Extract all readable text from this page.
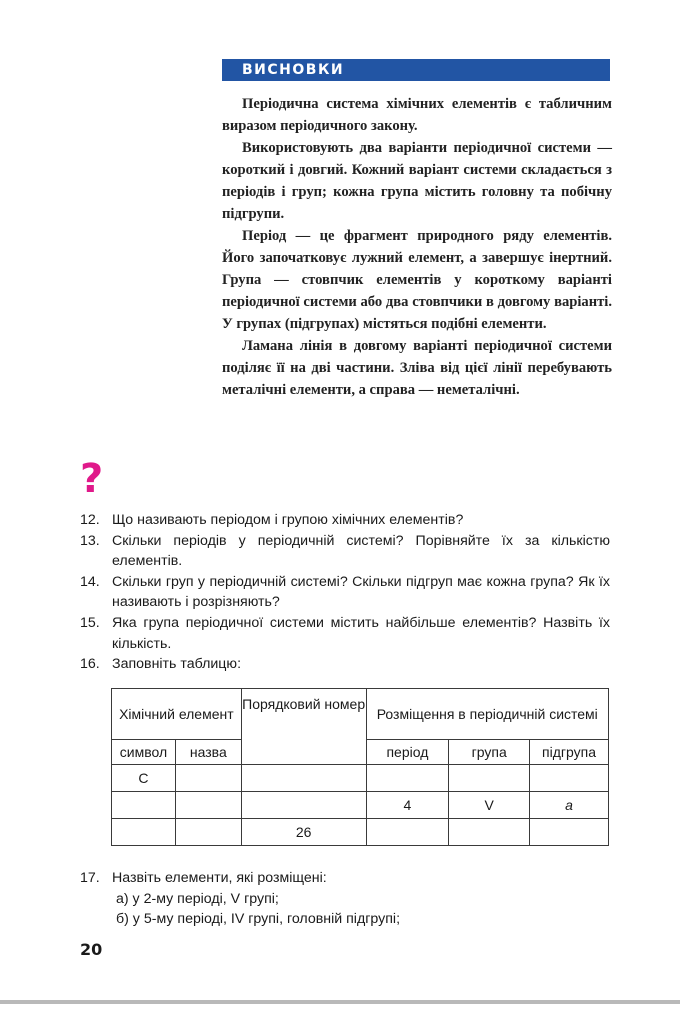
ВИСНОВКИ

Періодична система хімічних елементів є табличним виразом періодичного закону.

Використовують два варіанти періодичної системи — короткий і довгий. Кожний варіант системи складається з періодів і груп; кожна група містить головну та побічну підгрупи.

Період — це фрагмент природного ряду елементів. Його започатковує лужний елемент, а завершує інертний. Група — стовпчик елементів у короткому варіанті періодичної системи або два стовпчики в довгому варіанті. У групах (підгрупах) містяться подібні елементи.

Ламана лінія в довгому варіанті періодичної системи поділяє її на дві частини. Зліва від цієї лінії перебувають металічні елементи, а справа — неметалічні.

?
12. Що називають періодом і групою хімічних елементів?
13. Скільки періодів у періодичній системі? Порівняйте їх за кількістю елементів.
14. Скільки груп у періодичній системі? Скільки підгруп має кожна група? Як їх називають і розрізняють?
15. Яка група періодичної системи містить найбільше елементів? Назвіть їх кількість.
16. Заповніть таблицю:
Хімічний елемент		Порядковий номер	Розміщення в періодичній системі		
символ	назва		період	група	підгрупа
C					
			4	V	а
		26			
17. Назвіть елементи, які розміщені:
а) у 2-му періоді, V групі;
б) у 5-му періоді, IV групі, головній підгрупі;
20
